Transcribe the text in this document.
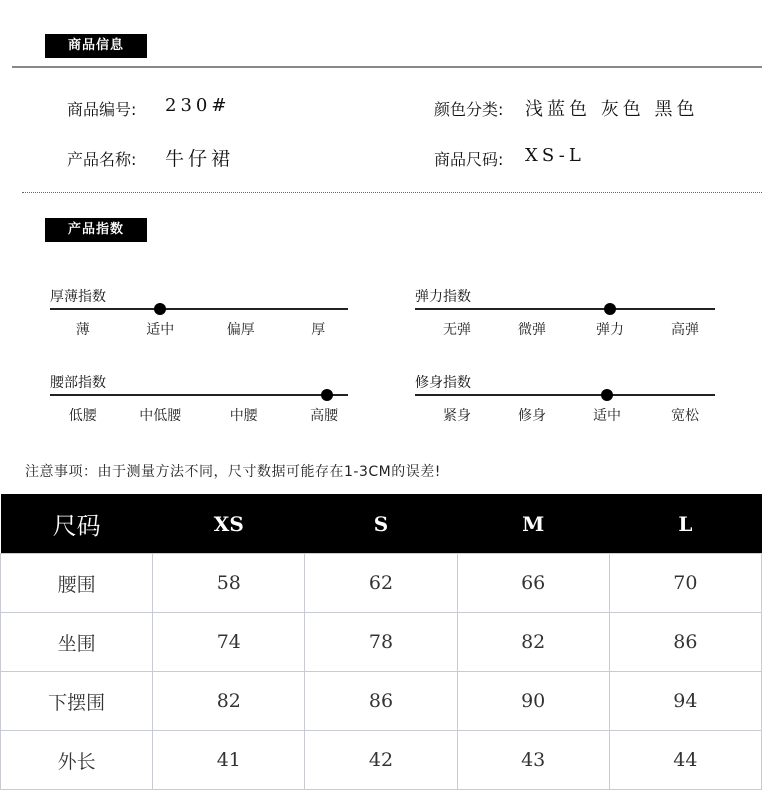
商品信息
商品编号: 230#	颜色分类: 浅蓝色 灰色 黑色
产品名称: 牛仔裙	商品尺码: XS-L
产品指数
厚薄指数
薄	适中	偏厚	厚
弹力指数
无弹	微弹	弹力	高弹
腰部指数
低腰	中低腰	中腰	高腰
修身指数
紧身	修身	适中	宽松
注意事项：由于测量方法不同，尺寸数据可能存在1-3CM的误差!
尺码	XS	S	M	L
腰围	58	62	66	70
坐围	74	78	82	86
下摆围	82	86	90	94
外长	41	42	43	44
